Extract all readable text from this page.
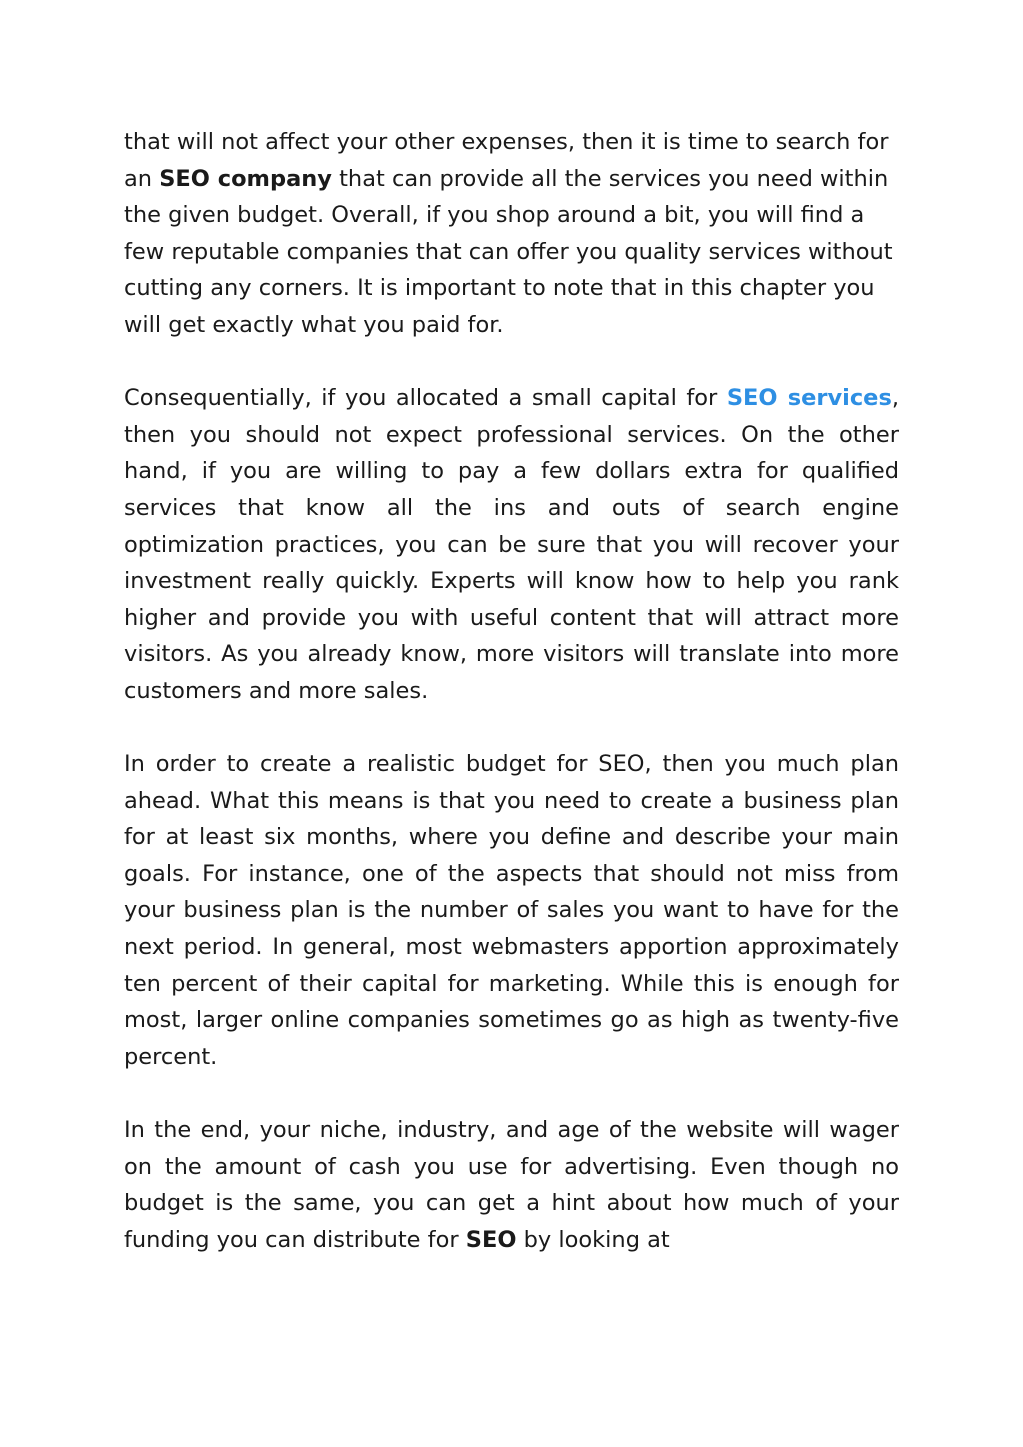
that will not affect your other expenses, then it is time to search for an SEO company that can provide all the services you need within the given budget. Overall, if you shop around a bit, you will find a few reputable companies that can offer you quality services without cutting any corners. It is important to note that in this chapter you will get exactly what you paid for.

Consequentially, if you allocated a small capital for SEO services, then you should not expect professional services. On the other hand, if you are willing to pay a few dollars extra for qualified services that know all the ins and outs of search engine optimization practices, you can be sure that you will recover your investment really quickly. Experts will know how to help you rank higher and provide you with useful content that will attract more visitors. As you already know, more visitors will translate into more customers and more sales.

In order to create a realistic budget for SEO, then you much plan ahead. What this means is that you need to create a business plan for at least six months, where you define and describe your main goals. For instance, one of the aspects that should not miss from your business plan is the number of sales you want to have for the next period. In general, most webmasters apportion approximately ten percent of their capital for marketing. While this is enough for most, larger online companies sometimes go as high as twenty-five percent.

In the end, your niche, industry, and age of the website will wager on the amount of cash you use for advertising. Even though no budget is the same, you can get a hint about how much of your funding you can distribute for SEO by looking at
